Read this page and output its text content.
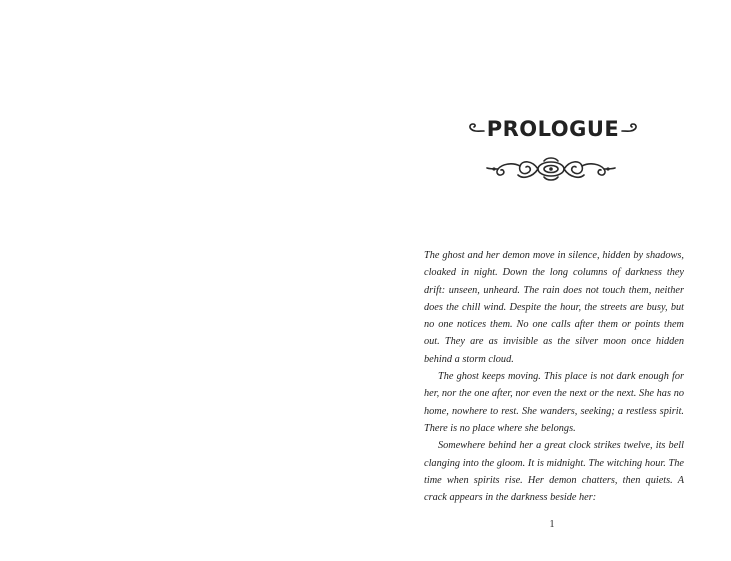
PROLOGUE

The ghost and her demon move in silence, hidden by shadows, cloaked in night. Down the long columns of darkness they drift: unseen, unheard. The rain does not touch them, neither does the chill wind. Despite the hour, the streets are busy, but no one notices them. No one calls after them or points them out. They are as invisible as the silver moon once hidden behind a storm cloud.

The ghost keeps moving. This place is not dark enough for her, nor the one after, nor even the next or the next. She has no home, nowhere to rest. She wanders, seeking; a restless spirit. There is no place where she belongs.

Somewhere behind her a great clock strikes twelve, its bell clanging into the gloom. It is midnight. The witching hour. The time when spirits rise. Her demon chatters, then quiets. A crack appears in the darkness beside her:

1
